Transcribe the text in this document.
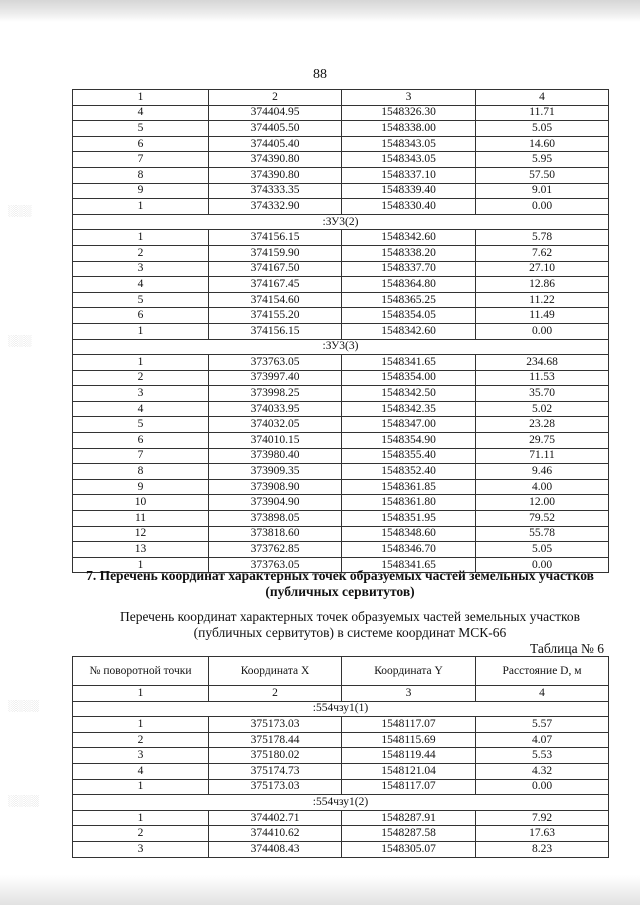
░░░
░░░
░░░░
░░░░
88
1	2	3	4
4	374404.95	1548326.30	11.71
5	374405.50	1548338.00	5.05
6	374405.40	1548343.05	14.60
7	374390.80	1548343.05	5.95
8	374390.80	1548337.10	57.50
9	374333.35	1548339.40	9.01
1	374332.90	1548330.40	0.00
:ЗУ3(2)			
1	374156.15	1548342.60	5.78
2	374159.90	1548338.20	7.62
3	374167.50	1548337.70	27.10
4	374167.45	1548364.80	12.86
5	374154.60	1548365.25	11.22
6	374155.20	1548354.05	11.49
1	374156.15	1548342.60	0.00
:ЗУ3(3)			
1	373763.05	1548341.65	234.68
2	373997.40	1548354.00	11.53
3	373998.25	1548342.50	35.70
4	374033.95	1548342.35	5.02
5	374032.05	1548347.00	23.28
6	374010.15	1548354.90	29.75
7	373980.40	1548355.40	71.11
8	373909.35	1548352.40	9.46
9	373908.90	1548361.85	4.00
10	373904.90	1548361.80	12.00
11	373898.05	1548351.95	79.52
12	373818.60	1548348.60	55.78
13	373762.85	1548346.70	5.05
1	373763.05	1548341.65	0.00
7. Перечень координат характерных точек образуемых частей земельных участков (публичных сервитутов)
Перечень координат характерных точек образуемых частей земельных участков (публичных сервитутов) в системе координат МСК-66
Таблица № 6
№ поворотной точки	Координата X	Координата Y	Расстояние D, м
1	2	3	4
:554чзу1(1)			
1	375173.03	1548117.07	5.57
2	375178.44	1548115.69	4.07
3	375180.02	1548119.44	5.53
4	375174.73	1548121.04	4.32
1	375173.03	1548117.07	0.00
:554чзу1(2)			
1	374402.71	1548287.91	7.92
2	374410.62	1548287.58	17.63
3	374408.43	1548305.07	8.23
